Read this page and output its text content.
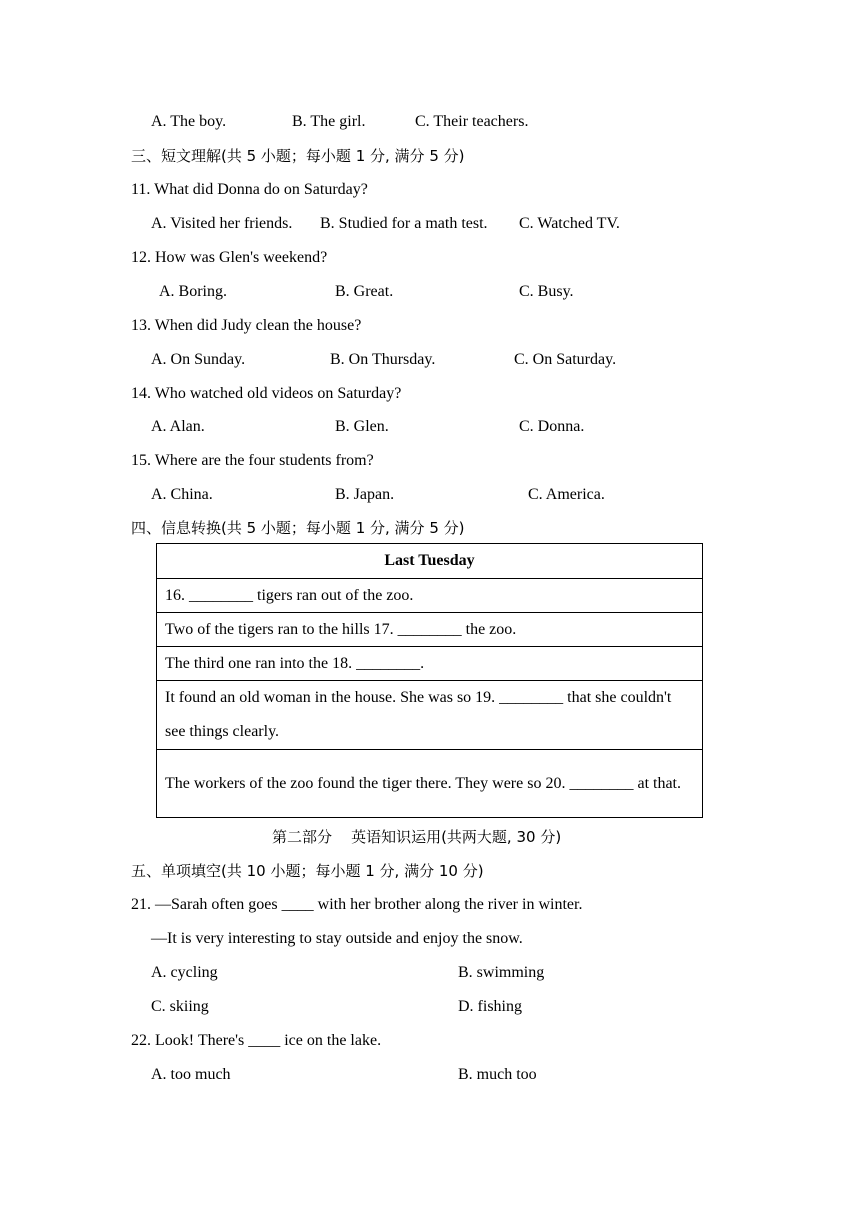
A. The boy.	B. The girl.	C. Their teachers.
三、短文理解(共 5 小题；每小题 1 分, 满分 5 分)
11. What did Donna do on Saturday?
A. Visited her friends. B. Studied for a math test. C. Watched TV.
12. How was Glen's weekend?
A. Boring.	B. Great.	C. Busy.
13. When did Judy clean the house?
A. On Sunday.	B. On Thursday.	C. On Saturday.
14. Who watched old videos on Saturday?
A. Alan.	B. Glen.	C. Donna.
15. Where are the four students from?
A. China.	B. Japan.	C. America.
四、信息转换(共 5 小题；每小题 1 分, 满分 5 分)
Last Tuesday
16. ________ tigers ran out of the zoo.
Two of the tigers ran to the hills 17. ________ the zoo.
The third one ran into the 18. ________.
It found an old woman in the house. She was so 19. ________ that she couldn't see things clearly.
The workers of the zoo found the tiger there. They were so 20. ________ at that.
第二部分    英语知识运用(共两大题, 30 分)
五、单项填空(共 10 小题；每小题 1 分, 满分 10 分)
21. —Sarah often goes ____ with her brother along the river in winter.
—It is very interesting to stay outside and enjoy the snow.
A. cycling	B. swimming
C. skiing	D. fishing
22. Look! There's ____ ice on the lake.
A. too much	B. much too
